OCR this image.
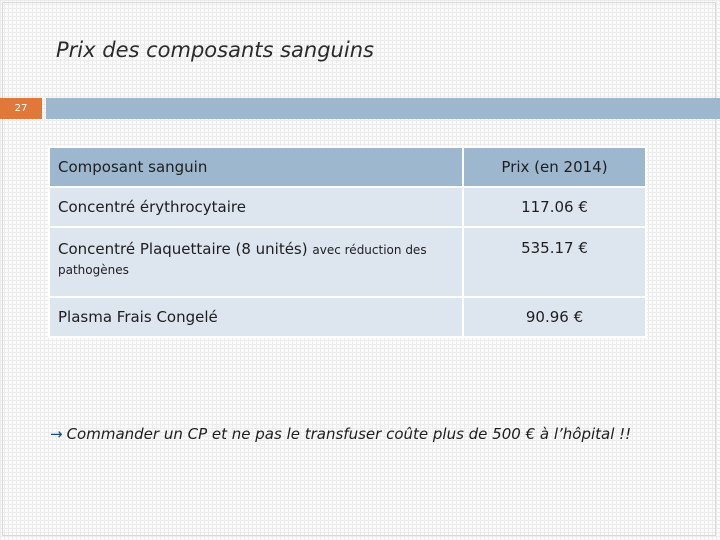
Prix des composants sanguins
27
Composant sanguin	Prix (en 2014)
Concentré érythrocytaire	117.06 €
Concentré Plaquettaire (8 unités) avec réduction des pathogènes	535.17 €
Plasma Frais Congelé	90.96 €
→ Commander un CP et ne pas le transfuser coûte plus de 500 € à l’hôpital !!
